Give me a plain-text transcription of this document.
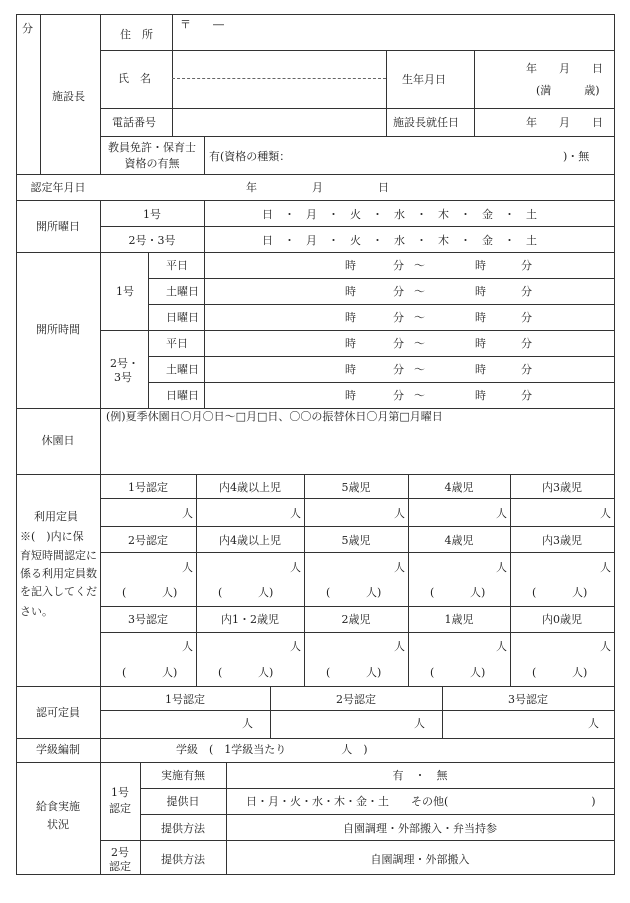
分
施設長
住　所
〒　　―
氏　名	生年月日
年　　月　　日
(満　　　歳)
電話番号	施設長就任日	年　　月　　日
教員免許・保育士
資格の有無
有(資格の種類：	)・無
認定年月日	年　　　　　月　　　　　日
開所曜日
1号	日　・　月　・　火　・　水　・　木　・　金　・　土
2号・3号	日　・　月　・　火　・　水　・　木　・　金　・　土
開所時間
1号
2号・
3号
平日	時	分 〜	時	分
土曜日	時	分 〜	時	分
日曜日	時	分 〜	時	分
平日	時	分 〜	時	分
土曜日	時	分 〜	時	分
日曜日	時	分 〜	時	分
休園日
(例)夏季休園日〇月〇日〜□月□日、〇〇の振替休日〇月第□月曜日
利用定員
※(　)内に保
育短時間認定に
係る利用定員数
を記入してくだ
さい。
1号認定	内4歳以上児	5歳児	4歳児	内3歳児
人	人	人	人	人
2号認定	内4歳以上児	5歳児	4歳児	内3歳児
人	人	人	人	人
(	人)	(	人)	(	人)	(	人)	(	人)
3号認定	内1・2歳児	2歳児	1歳児	内0歳児
人	人	人	人	人
(	人)	(	人)	(	人)	(	人)	(	人)
認可定員
1号認定	2号認定	3号認定
人	人	人
学級編制	学級　(　1学級当たり　　　　　人　)
給食実施
状況
1号
認定
2号
認定
実施有無	有　・　無
提供日	日・月・火・水・木・金・土　　その他(　　　　　　　　　　　　　)
提供方法	自園調理・外部搬入・弁当持参
提供方法	自園調理・外部搬入
